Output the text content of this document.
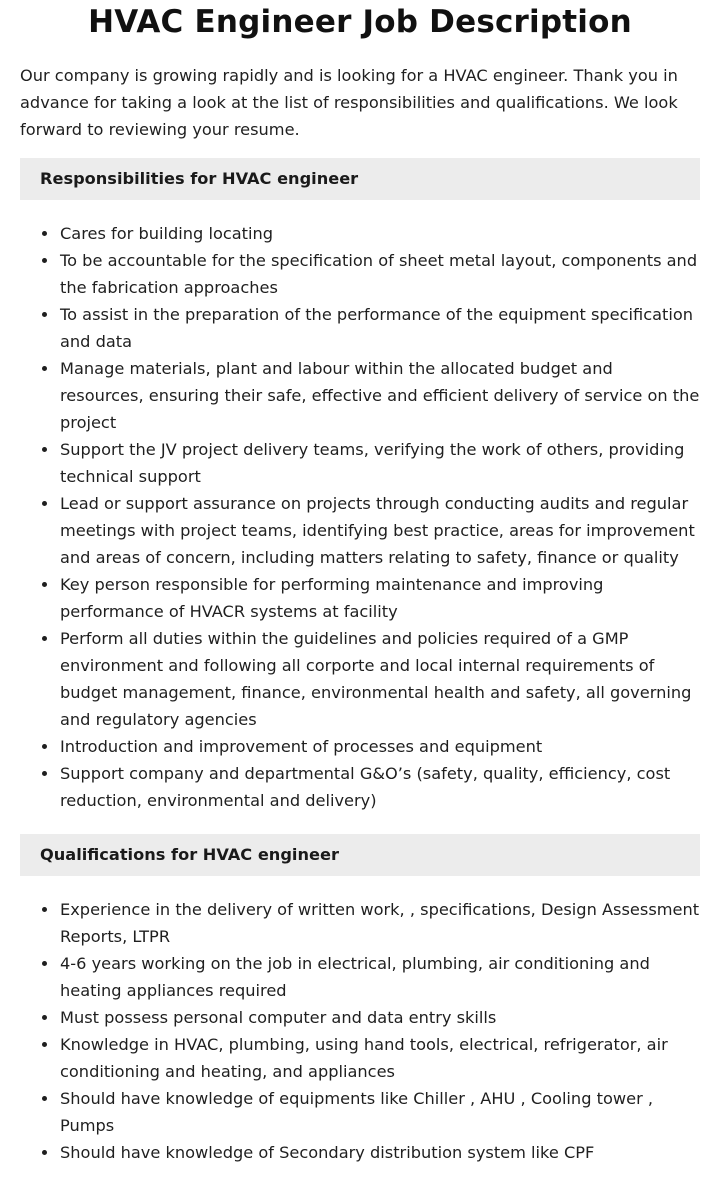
HVAC Engineer Job Description

Our company is growing rapidly and is looking for a HVAC engineer. Thank you in advance for taking a look at the list of responsibilities and qualifications. We look forward to reviewing your resume.

Responsibilities for HVAC engineer
Cares for building locating
To be accountable for the specification of sheet metal layout, components and the fabrication approaches
To assist in the preparation of the performance of the equipment specification and data
Manage materials, plant and labour within the allocated budget and resources, ensuring their safe, effective and efficient delivery of service on the project
Support the JV project delivery teams, verifying the work of others, providing technical support
Lead or support assurance on projects through conducting audits and regular meetings with project teams, identifying best practice, areas for improvement and areas of concern, including matters relating to safety, finance or quality
Key person responsible for performing maintenance and improving performance of HVACR systems at facility
Perform all duties within the guidelines and policies required of a GMP environment and following all corporte and local internal requirements of budget management, finance, environmental health and safety, all governing and regulatory agencies
Introduction and improvement of processes and equipment
Support company and departmental G&O’s (safety, quality, efficiency, cost reduction, environmental and delivery)
Qualifications for HVAC engineer
Experience in the delivery of written work, , specifications, Design Assessment Reports, LTPR
4-6 years working on the job in electrical, plumbing, air conditioning and heating appliances required
Must possess personal computer and data entry skills
Knowledge in HVAC, plumbing, using hand tools, electrical, refrigerator, air conditioning and heating, and appliances
Should have knowledge of equipments like Chiller , AHU , Cooling tower , Pumps
Should have knowledge of Secondary distribution system like CPF
